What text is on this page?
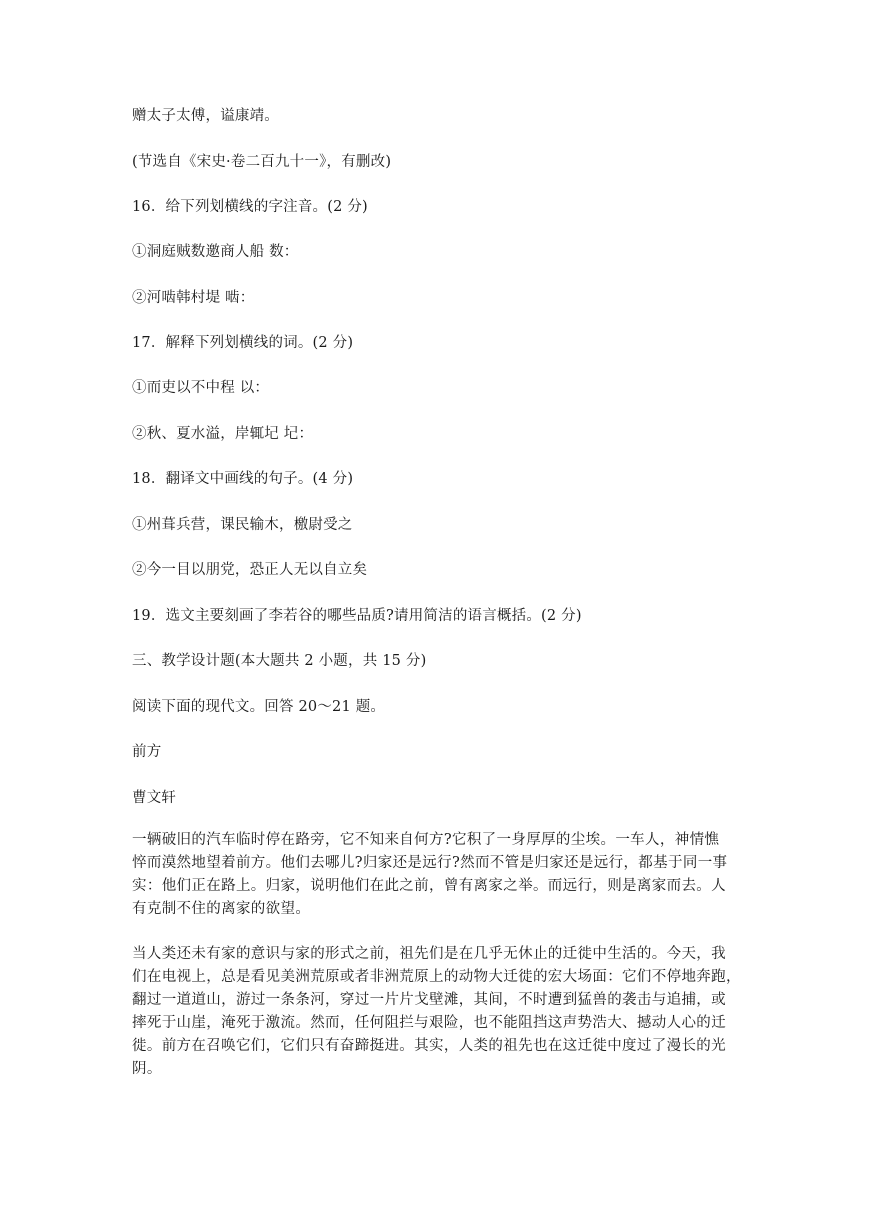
赠太子太傅，谥康靖。
(节选自《宋史·卷二百九十一》，有删改)
16．给下列划横线的字注音。(2 分)
①洞庭贼数邀商人船 数：
②河啮韩村堤 啮：
17．解释下列划横线的词。(2 分)
①而吏以不中程 以：
②秋、夏水溢，岸辄圮 圮：
18．翻译文中画线的句子。(4 分)
①州葺兵营，课民输木，檄尉受之
②今一目以朋党，恐正人无以自立矣
19．选文主要刻画了李若谷的哪些品质?请用简洁的语言概括。(2 分)
三、教学设计题(本大题共 2 小题，共 15 分)
阅读下面的现代文。回答 20～21 题。
前方
曹文轩
一辆破旧的汽车临时停在路旁，它不知来自何方?它积了一身厚厚的尘埃。一车人，神情憔
悴而漠然地望着前方。他们去哪儿?归家还是远行?然而不管是归家还是远行，都基于同一事
实：他们正在路上。归家，说明他们在此之前，曾有离家之举。而远行，则是离家而去。人
有克制不住的离家的欲望。
当人类还未有家的意识与家的形式之前，祖先们是在几乎无休止的迁徙中生活的。今天，我
们在电视上，总是看见美洲荒原或者非洲荒原上的动物大迁徙的宏大场面：它们不停地奔跑，
翻过一道道山，游过一条条河，穿过一片片戈壁滩，其间，不时遭到猛兽的袭击与追捕，或
摔死于山崖，淹死于激流。然而，任何阻拦与艰险，也不能阻挡这声势浩大、撼动人心的迁
徙。前方在召唤它们，它们只有奋蹄挺进。其实，人类的祖先也在这迁徙中度过了漫长的光
阴。
